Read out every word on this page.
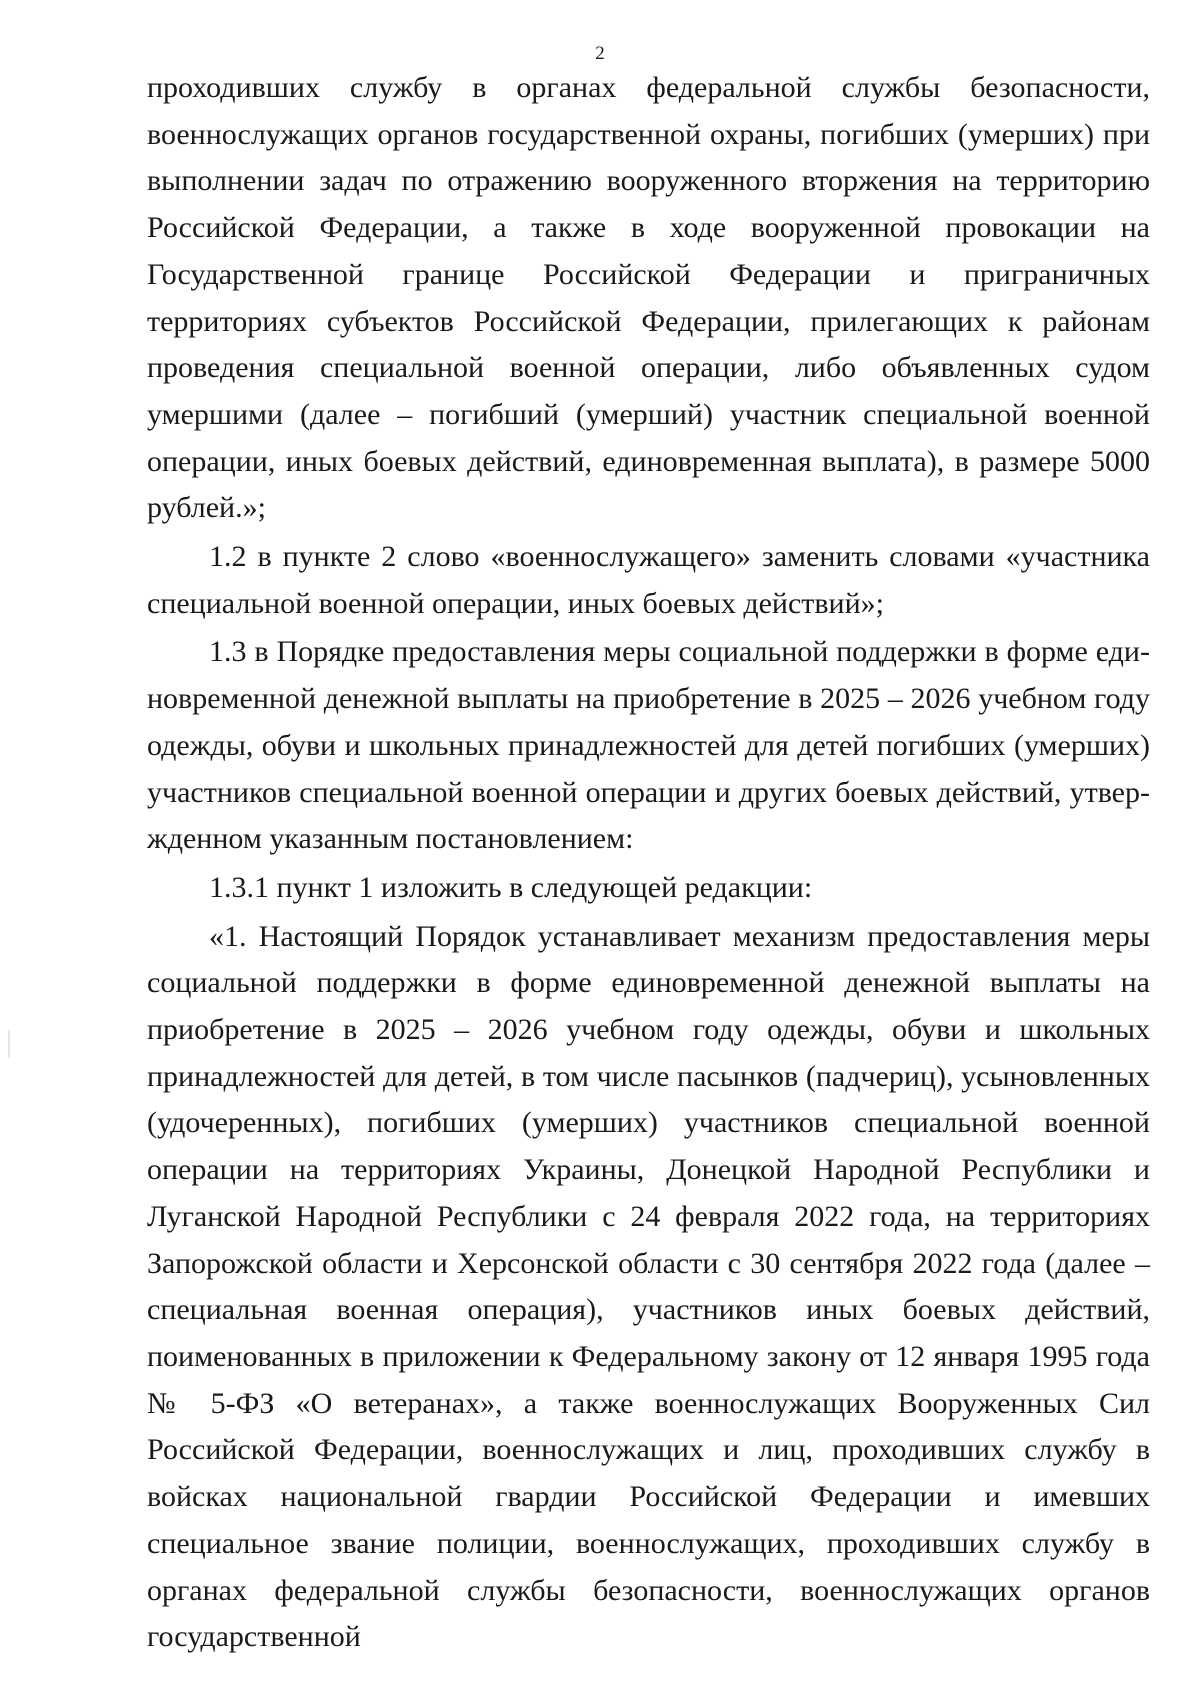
2

проходивших службу в органах федеральной службы безопасности, военнослужащих органов государственной охраны, погибших (умерших) при выполнении задач по отражению вооруженного вторжения на территорию Российской Федерации, а также в ходе вооруженной провокации на Государственной границе Российской Федерации и приграничных территориях субъектов Российской Федерации, прилегающих к районам проведения специальной военной операции, либо объявленных судом умершими (далее – погибший (умерший) участник специальной военной операции, иных боевых действий, единовременная выплата), в размере 5000 рублей.»;

1.2 в пункте 2 слово «военнослужащего» заменить словами «участника специальной военной операции, иных боевых действий»;

1.3 в Порядке предоставления меры социальной поддержки в форме единовременной денежной выплаты на приобретение в 2025 – 2026 учебном году одежды, обуви и школьных принадлежностей для детей погибших (умерших) участников специальной военной операции и других боевых действий, утвержденном указанным постановлением:

1.3.1 пункт 1 изложить в следующей редакции:

«1. Настоящий Порядок устанавливает механизм предоставления меры социальной поддержки в форме единовременной денежной выплаты на приобретение в 2025 – 2026 учебном году одежды, обуви и школьных принадлежностей для детей, в том числе пасынков (падчериц), усыновленных (удочеренных), погибших (умерших) участников специальной военной операции на территориях Украины, Донецкой Народной Республики и Луганской Народной Республики с 24 февраля 2022 года, на территориях Запорожской области и Херсонской области с 30 сентября 2022 года (далее – специальная военная операция), участников иных боевых действий, поименованных в приложении к Федеральному закону от 12 января 1995 года № 5-ФЗ «О ветеранах», а также военнослужащих Вооруженных Сил Российской Федерации, военнослужащих и лиц, проходивших службу в войсках национальной гвардии Российской Федерации и имевших специальное звание полиции, военнослужащих, проходивших службу в органах федеральной службы безопасности, военнослужащих органов государственной
